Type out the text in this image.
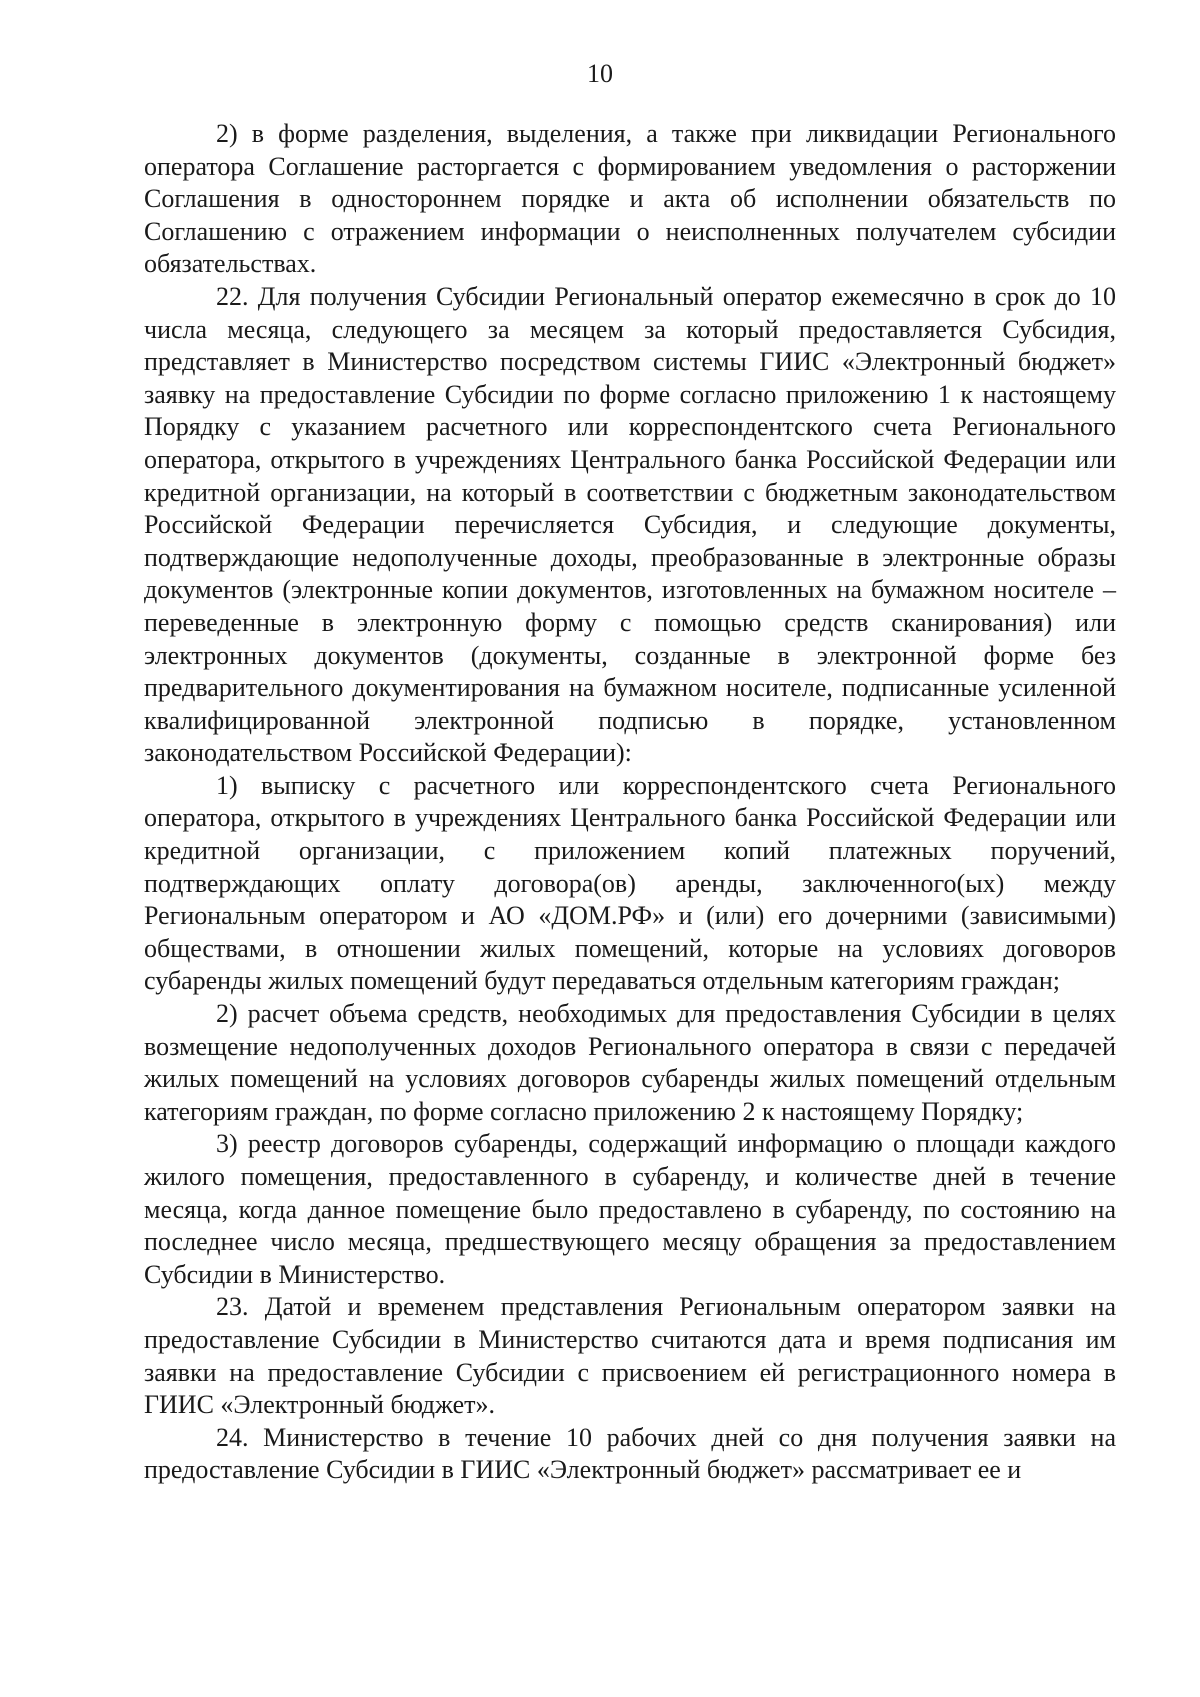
10

2) в форме разделения, выделения, а также при ликвидации Регионального оператора Соглашение расторгается с формированием уведомления о расторжении Соглашения в одностороннем порядке и акта об исполнении обязательств по Соглашению с отражением информации о неисполненных получателем субсидии обязательствах.

22. Для получения Субсидии Региональный оператор ежемесячно в срок до 10 числа месяца, следующего за месяцем за который предоставляется Субсидия, представляет в Министерство посредством системы ГИИС «Электронный бюджет» заявку на предоставление Субсидии по форме согласно приложению 1 к настоящему Порядку с указанием расчетного или корреспондентского счета Регионального оператора, открытого в учреждениях Центрального банка Российской Федерации или кредитной организации, на который в соответствии с бюджетным законодательством Российской Федерации перечисляется Субсидия, и следующие документы, подтверждающие недополученные доходы, преобразованные в электронные образы документов (электронные копии документов, изготовленных на бумажном носителе – переведенные в электронную форму с помощью средств сканирования) или электронных документов (документы, созданные в электронной форме без предварительного документирования на бумажном носителе, подписанные усиленной квалифицированной электронной подписью в порядке, установленном законодательством Российской Федерации):

1) выписку с расчетного или корреспондентского счета Регионального оператора, открытого в учреждениях Центрального банка Российской Федерации или кредитной организации, с приложением копий платежных поручений, подтверждающих оплату договора(ов) аренды, заключенного(ых) между Региональным оператором и АО «ДОМ.РФ» и (или) его дочерними (зависимыми) обществами, в отношении жилых помещений, которые на условиях договоров субаренды жилых помещений будут передаваться отдельным категориям граждан;

2) расчет объема средств, необходимых для предоставления Субсидии в целях возмещение недополученных доходов Регионального оператора в связи с передачей жилых помещений на условиях договоров субаренды жилых помещений отдельным категориям граждан, по форме согласно приложению 2 к настоящему Порядку;

3) реестр договоров субаренды, содержащий информацию о площади каждого жилого помещения, предоставленного в субаренду, и количестве дней в течение месяца, когда данное помещение было предоставлено в субаренду, по состоянию на последнее число месяца, предшествующего месяцу обращения за предоставлением Субсидии в Министерство.

23. Датой и временем представления Региональным оператором заявки на предоставление Субсидии в Министерство считаются дата и время подписания им заявки на предоставление Субсидии с присвоением ей регистрационного номера в ГИИС «Электронный бюджет».

24. Министерство в течение 10 рабочих дней со дня получения заявки на предоставление Субсидии в ГИИС «Электронный бюджет» рассматривает ее и
